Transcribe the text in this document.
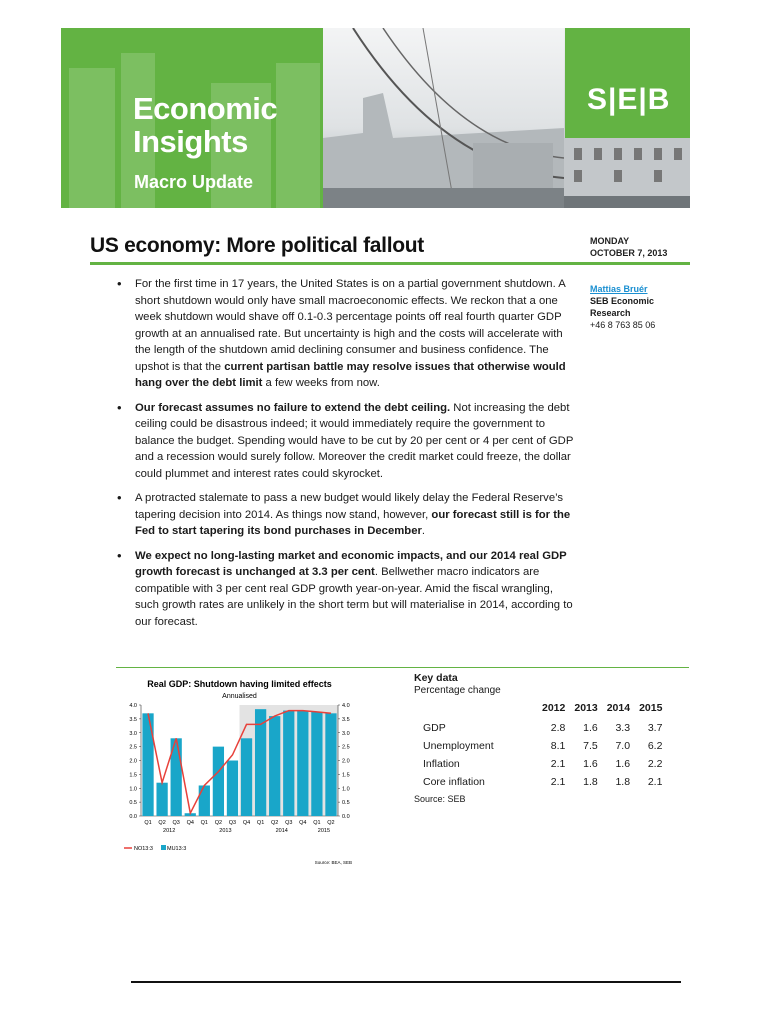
Economic
Insights
Macro Update
S|E|B
US economy: More political fallout	MONDAY
OCTOBER 7, 2013
Mattias Bruér
SEB Economic
Research
+46 8 763 85 06
• For the first time in 17 years, the United States is on a partial government shutdown. A short shutdown would only have small macroeconomic effects. We reckon that a one week shutdown would shave off 0.1-0.3 percentage points off real fourth quarter GDP growth at an annualised rate. But uncertainty is high and the costs will accelerate with the length of the shutdown amid declining consumer and business confidence. The upshot is that the current partisan battle may resolve issues that otherwise would hang over the debt limit a few weeks from now.
• Our forecast assumes no failure to extend the debt ceiling. Not increasing the debt ceiling could be disastrous indeed; it would immediately require the government to balance the budget. Spending would have to be cut by 20 per cent or 4 per cent of GDP and a recession would surely follow. Moreover the credit market could freeze, the dollar could plummet and interest rates could skyrocket.
• A protracted stalemate to pass a new budget would likely delay the Federal Reserve’s tapering decision into 2014. As things now stand, however, our forecast still is for the Fed to start tapering its bond purchases in December.
• We expect no long-lasting market and economic impacts, and our 2014 real GDP growth forecast is unchanged at 3.3 per cent. Bellwether macro indicators are compatible with 3 per cent real GDP growth year-on-year. Amid the fiscal wrangling, such growth rates are unlikely in the short term but will materialise in 2014, according to our forecast.
Real GDP: Shutdown having limited effects
Annualised
0.0	0.0
0.5	0.5
1.0	1.0
1.5	1.5
2.0	2.0
2.5	2.5
3.0	3.0
3.5	3.5
4.0	4.0
Q1 Q2 Q3 Q4 Q1 Q2 Q3 Q4 Q1 Q2 Q3 Q4 Q1 Q2
2012	2013	2014	2015
NO13:3	MU13:3
Source: BEA, SEB
Key data
Percentage change
	2012	2013	2014	2015
GDP	2.8	1.6	3.3	3.7
Unemployment	8.1	7.5	7.0	6.2
Inflation	2.1	1.6	1.6	2.2
Core inflation	2.1	1.8	1.8	2.1
Source: SEB
